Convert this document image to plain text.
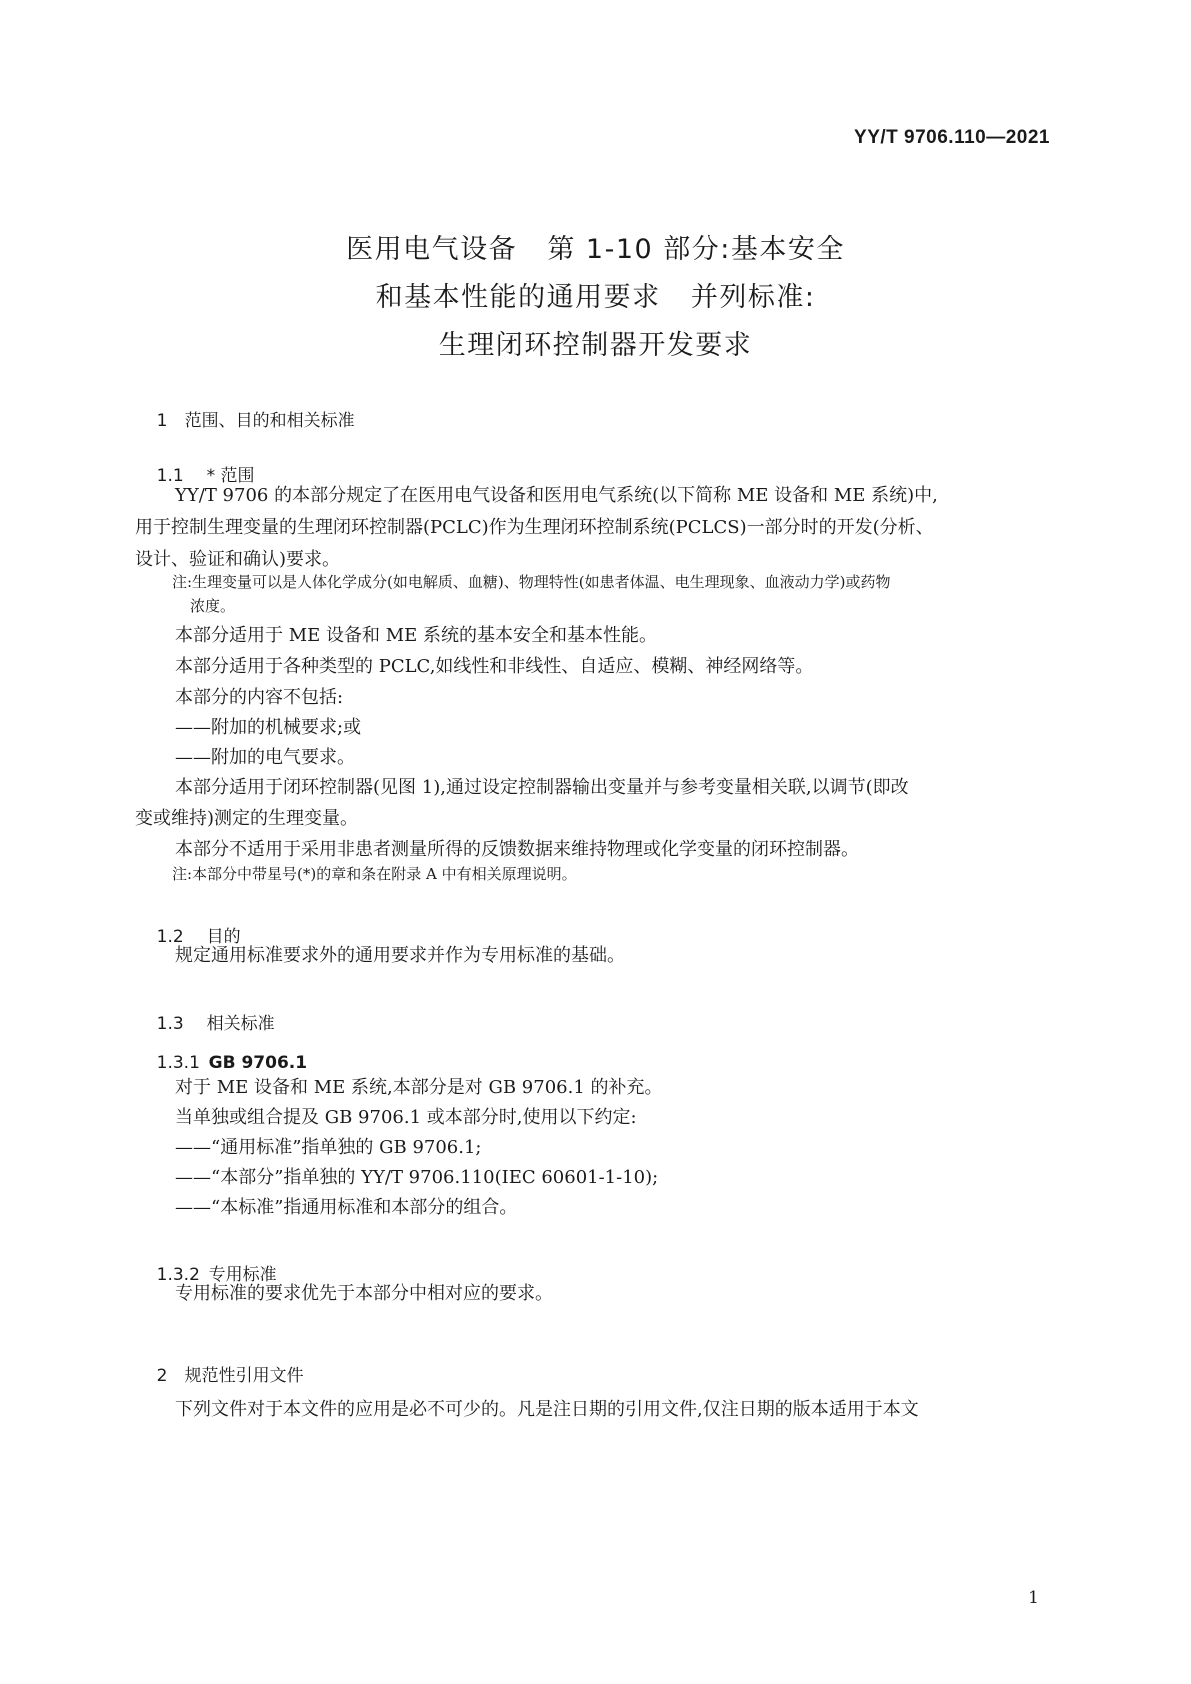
YY/T 9706.110—2021
医用电气设备   第 1-10 部分:基本安全
和基本性能的通用要求   并列标准:
生理闭环控制器开发要求

1 范围、目的和相关标准

1.1 * 范围

YY/T 9706 的本部分规定了在医用电气设备和医用电气系统(以下简称 ME 设备和 ME 系统)中,
用于控制生理变量的生理闭环控制器(PCLC)作为生理闭环控制系统(PCLCS)一部分时的开发(分析、
设计、验证和确认)要求。
注:生理变量可以是人体化学成分(如电解质、血糖)、物理特性(如患者体温、电生理现象、血液动力学)或药物
浓度。
本部分适用于 ME 设备和 ME 系统的基本安全和基本性能。
本部分适用于各种类型的 PCLC,如线性和非线性、自适应、模糊、神经网络等。
本部分的内容不包括:
——附加的机械要求;或
——附加的电气要求。
本部分适用于闭环控制器(见图 1),通过设定控制器输出变量并与参考变量相关联,以调节(即改
变或维持)测定的生理变量。
本部分不适用于采用非患者测量所得的反馈数据来维持物理或化学变量的闭环控制器。
注:本部分中带星号(*)的章和条在附录 A 中有相关原理说明。

1.2 目的

规定通用标准要求外的通用要求并作为专用标准的基础。

1.3 相关标准

1.3.1 GB 9706.1

对于 ME 设备和 ME 系统,本部分是对 GB 9706.1 的补充。
当单独或组合提及 GB 9706.1 或本部分时,使用以下约定:
——“通用标准”指单独的 GB 9706.1;
——“本部分”指单独的 YY/T 9706.110(IEC 60601-1-10);
——“本标准”指通用标准和本部分的组合。

1.3.2 专用标准

专用标准的要求优先于本部分中相对应的要求。

2 规范性引用文件

下列文件对于本文件的应用是必不可少的。凡是注日期的引用文件,仅注日期的版本适用于本文
1
